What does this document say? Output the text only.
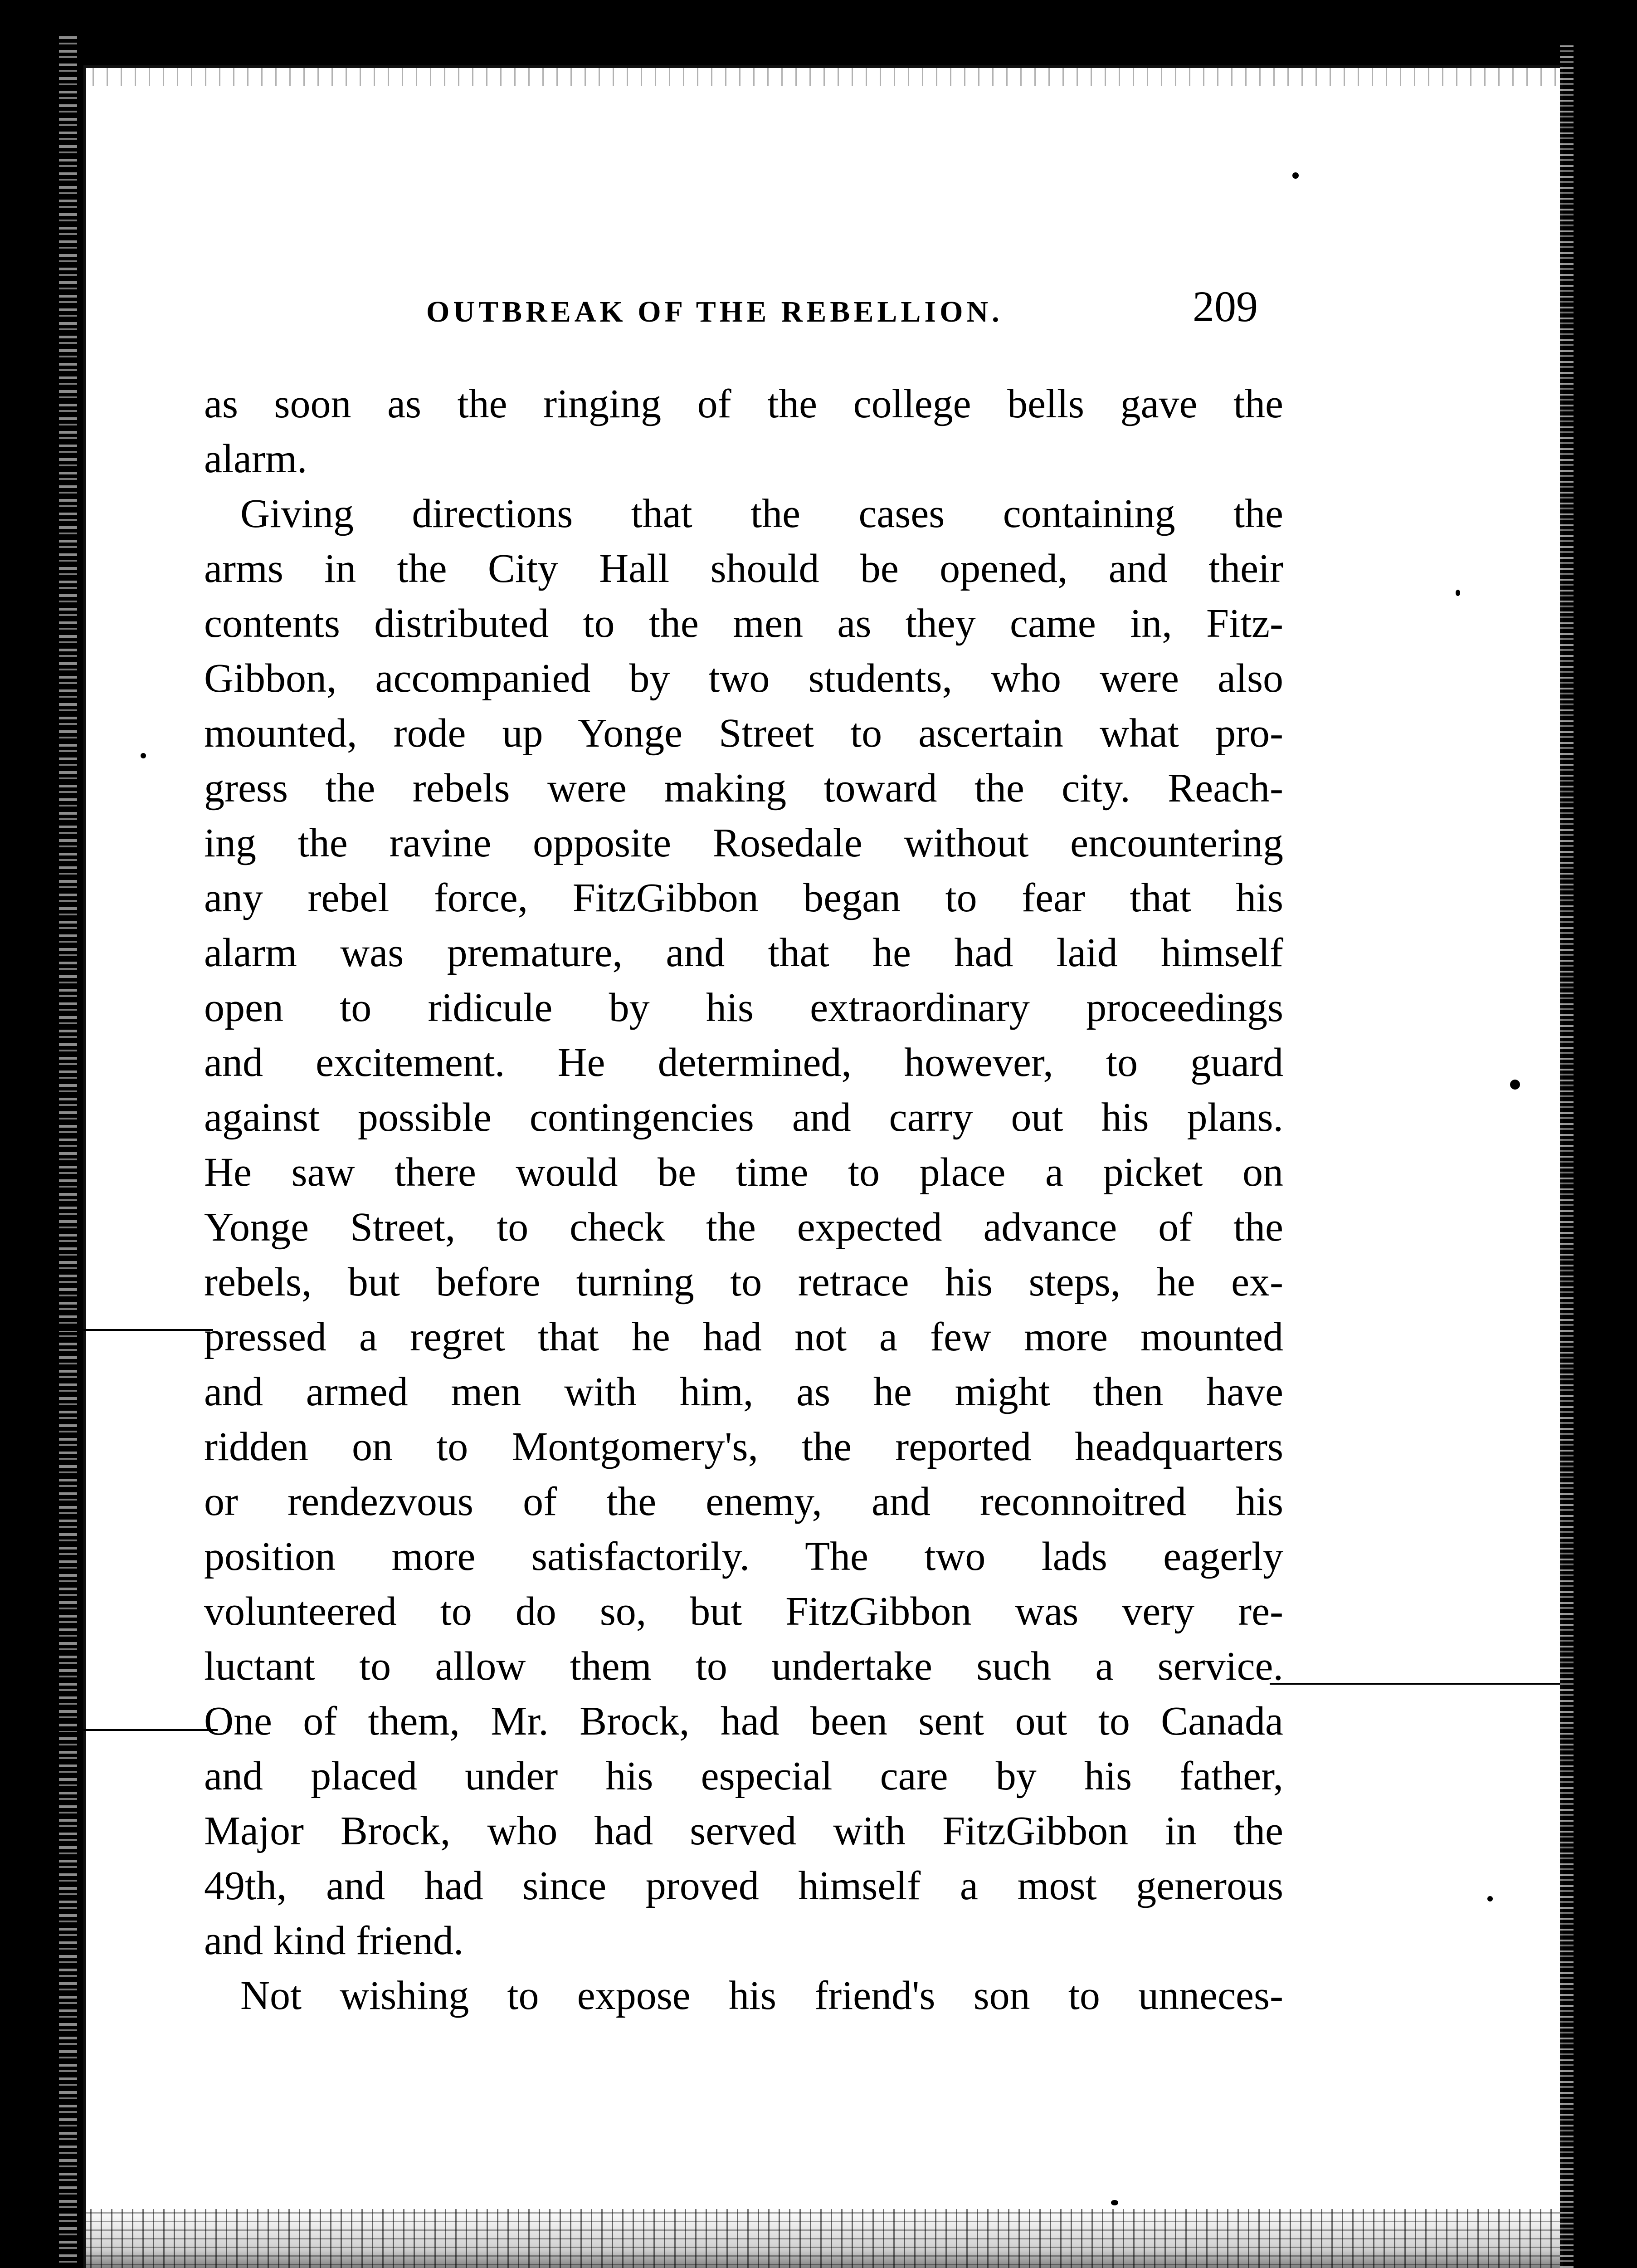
OUTBREAK OF THE REBELLION.	209
as soon as the ringing of the college bells gave the
alarm.
Giving directions that the cases containing the
arms in the City Hall should be opened, and their
contents distributed to the men as they came in, Fitz-
Gibbon, accompanied by two students, who were also
mounted, rode up Yonge Street to ascertain what pro-
gress the rebels were making toward the city. Reach-
ing the ravine opposite Rosedale without encountering
any rebel force, FitzGibbon began to fear that his
alarm was premature, and that he had laid himself
open to ridicule by his extraordinary proceedings
and excitement. He determined, however, to guard
against possible contingencies and carry out his plans.
He saw there would be time to place a picket on
Yonge Street, to check the expected advance of the
rebels, but before turning to retrace his steps, he ex-
pressed a regret that he had not a few more mounted
and armed men with him, as he might then have
ridden on to Montgomery's, the reported headquarters
or rendezvous of the enemy, and reconnoitred his
position more satisfactorily. The two lads eagerly
volunteered to do so, but FitzGibbon was very re-
luctant to allow them to undertake such a service.
One of them, Mr. Brock, had been sent out to Canada
and placed under his especial care by his father,
Major Brock, who had served with FitzGibbon in the
49th, and had since proved himself a most generous
and kind friend.
Not wishing to expose his friend's son to unneces-
